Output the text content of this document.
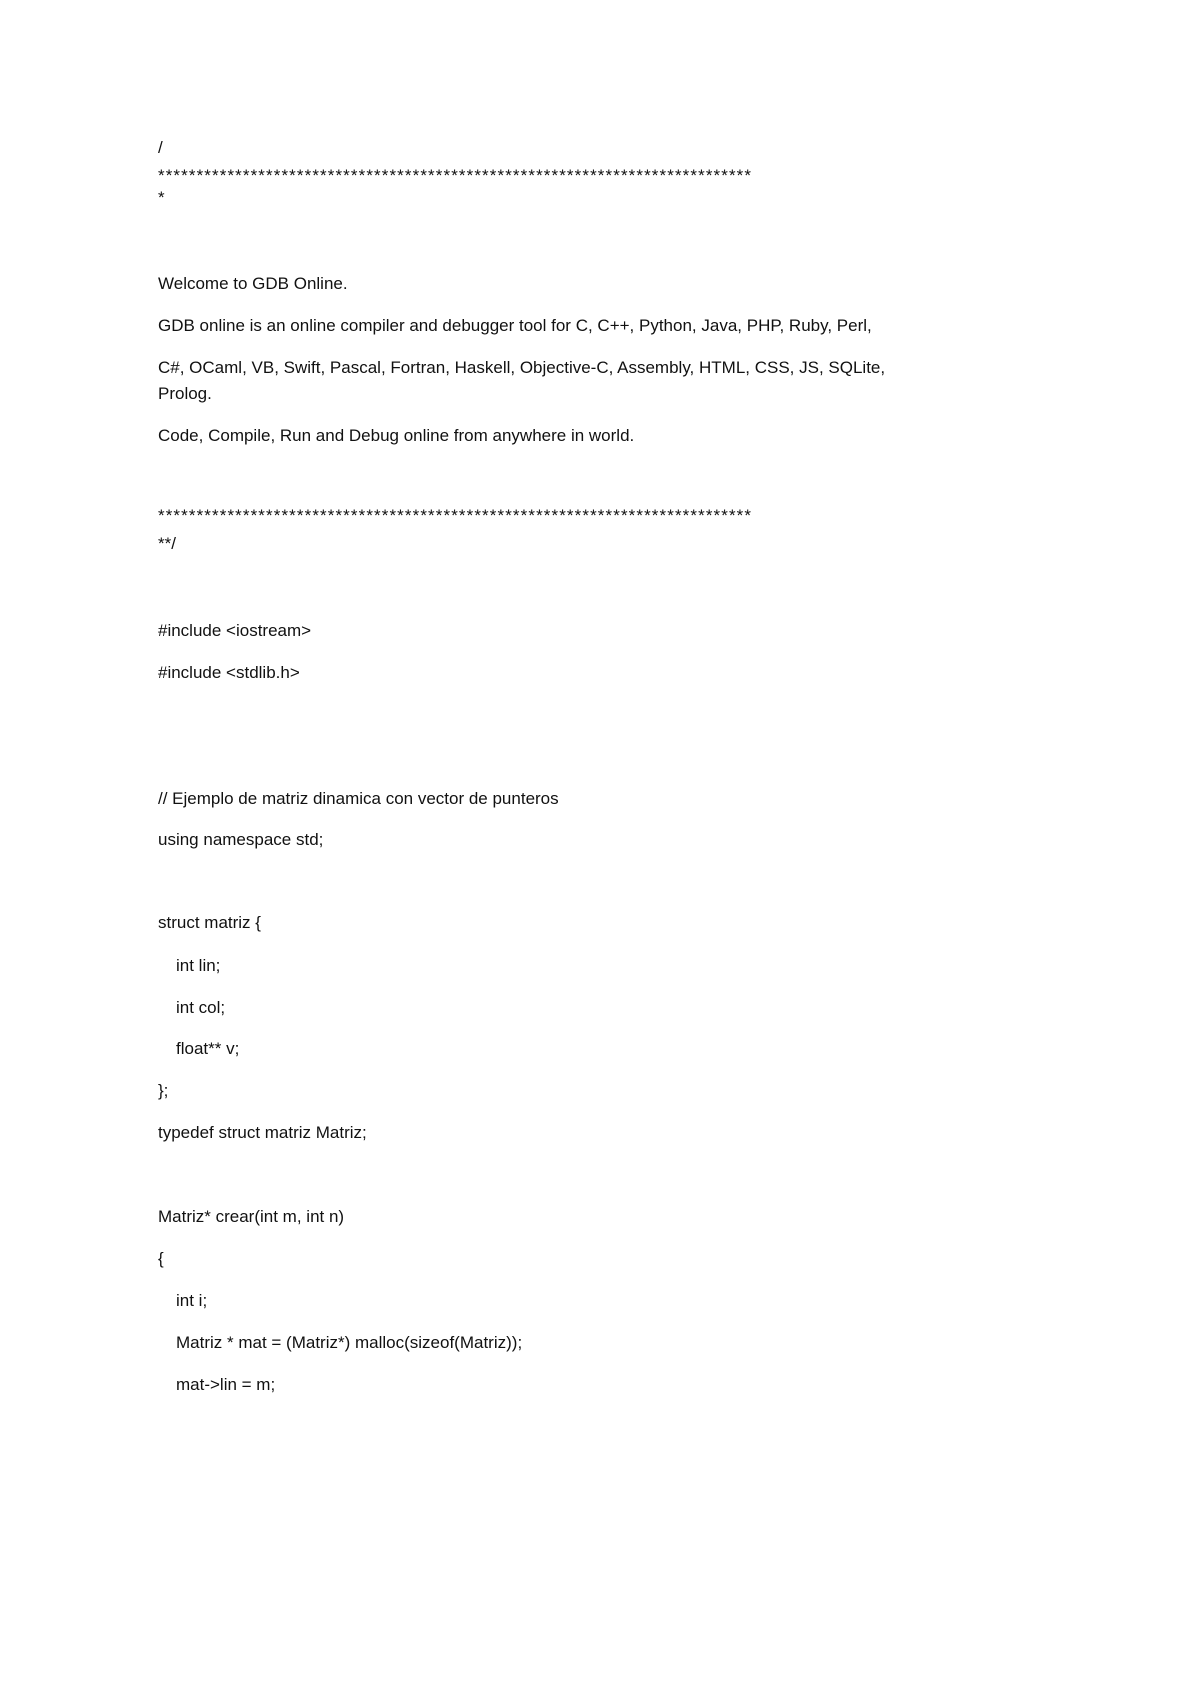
/
*****************************************************************************
*
Welcome to GDB Online.
GDB online is an online compiler and debugger tool for C, C++, Python, Java, PHP, Ruby, Perl,
C#, OCaml, VB, Swift, Pascal, Fortran, Haskell, Objective-C, Assembly, HTML, CSS, JS, SQLite,
Prolog.
Code, Compile, Run and Debug online from anywhere in world.
*****************************************************************************
**/
#include <iostream>
#include <stdlib.h>
// Ejemplo de matriz dinamica con vector de punteros
using namespace std;
struct matriz {
int lin;
int col;
float** v;
};
typedef struct matriz Matriz;
Matriz* crear(int m, int n)
{
int i;
Matriz * mat = (Matriz*) malloc(sizeof(Matriz));
mat->lin = m;
